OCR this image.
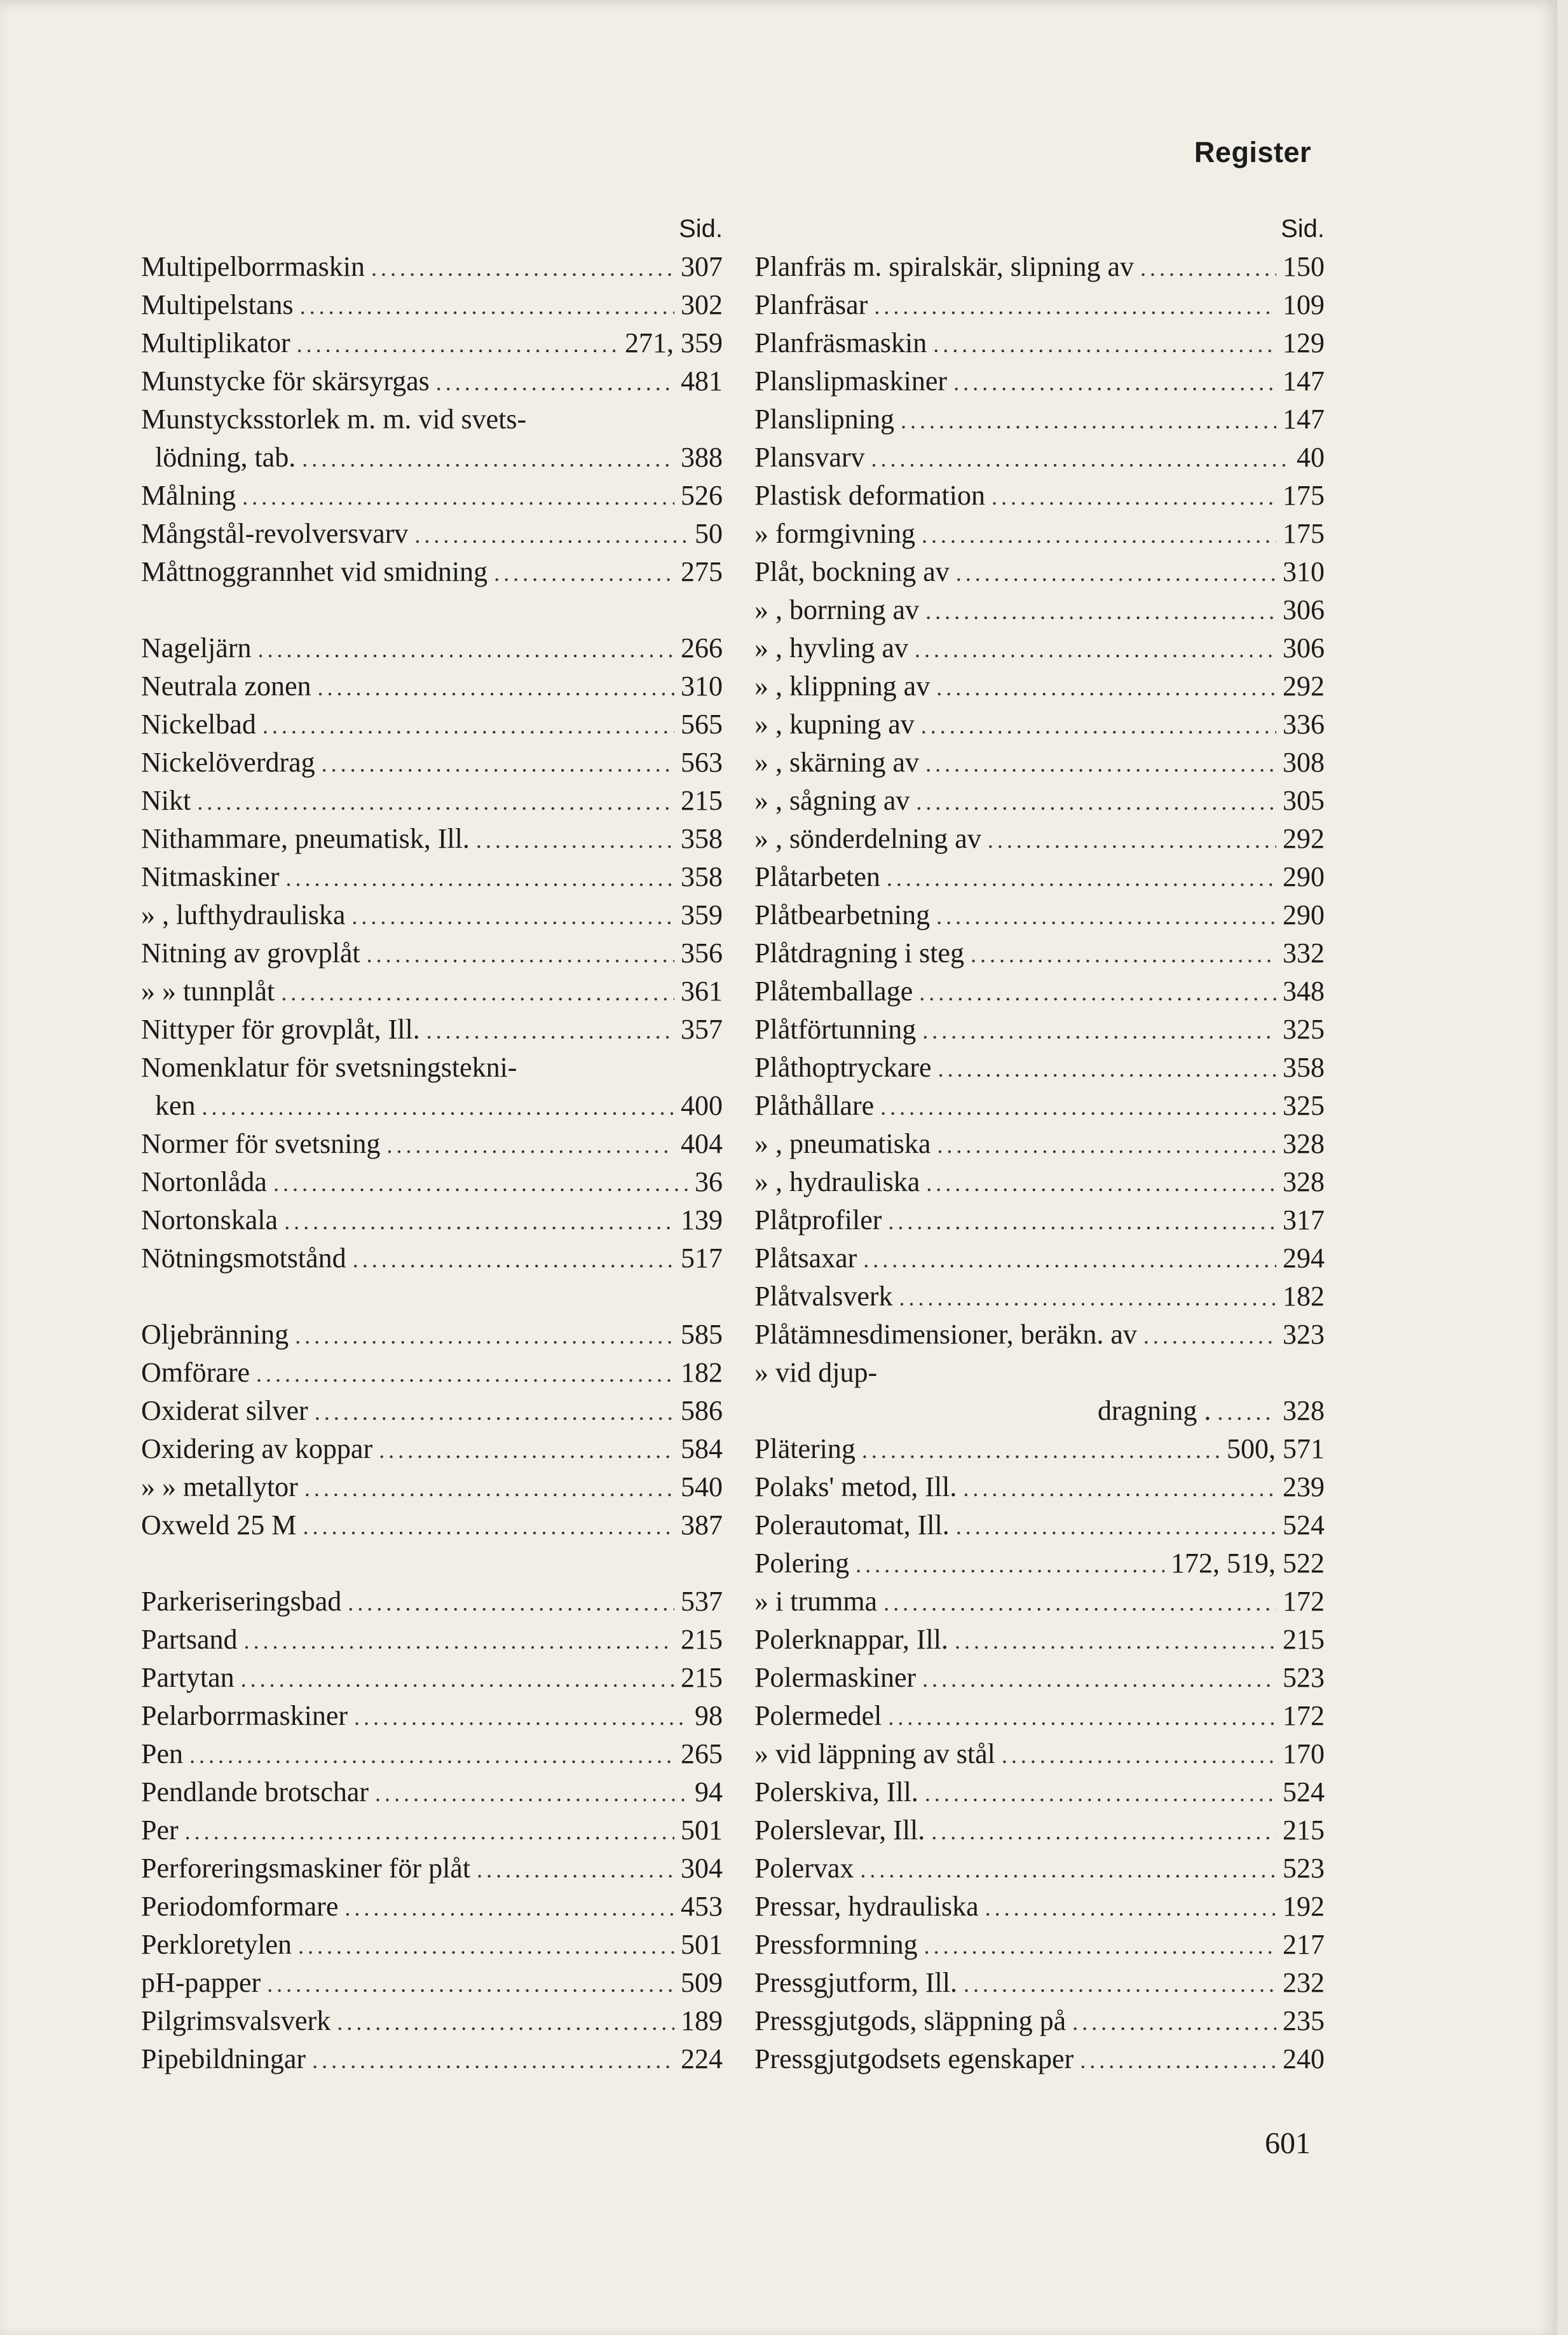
Register
Sid.
Multipelborrmaskin .....	307
Multipelstans .....	302
Multiplikator .....	271, 359
Munstycke för skärsyrgas .....	481
Munstycksstorlek m. m. vid svets-
lödning, tab. .....	388
Målning .....	526
Mångstål-revolversvarv .....	50
Måttnoggrannhet vid smidning .....	275
Nageljärn .....	266
Neutrala zonen .....	310
Nickelbad .....	565
Nickelöverdrag .....	563
Nikt .....	215
Nithammare, pneumatisk, Ill. .....	358
Nitmaskiner .....	358
» , lufthydrauliska .....	359
Nitning av grovplåt .....	356
» » tunnplåt .....	361
Nittyper för grovplåt, Ill. .....	357
Nomenklatur för svetsningstekni-
ken .....	400
Normer för svetsning .....	404
Nortonlåda .....	36
Nortonskala .....	139
Nötningsmotstånd .....	517
Oljebränning .....	585
Omförare .....	182
Oxiderat silver .....	586
Oxidering av koppar .....	584
» » metallytor .....	540
Oxweld 25 M .....	387
Parkeriseringsbad .....	537
Partsand .....	215
Partytan .....	215
Pelarborrmaskiner .....	98
Pen .....	265
Pendlande brotschar .....	94
Per .....	501
Perforeringsmaskiner för plåt .....	304
Periodomformare .....	453
Perkloretylen .....	501
pH-papper .....	509
Pilgrimsvalsverk .....	189
Pipebildningar .....	224
Sid.
Planfräs m. spiralskär, slipning av .....	150
Planfräsar .....	109
Planfräsmaskin .....	129
Planslipmaskiner .....	147
Planslipning .....	147
Plansvarv .....	40
Plastisk deformation .....	175
» formgivning .....	175
Plåt, bockning av .....	310
» , borrning av .....	306
» , hyvling av .....	306
» , klippning av .....	292
» , kupning av .....	336
» , skärning av .....	308
» , sågning av .....	305
» , sönderdelning av .....	292
Plåtarbeten .....	290
Plåtbearbetning .....	290
Plåtdragning i steg .....	332
Plåtemballage .....	348
Plåtförtunning .....	325
Plåthoptryckare .....	358
Plåthållare .....	325
» , pneumatiska .....	328
» , hydrauliska .....	328
Plåtprofiler .....	317
Plåtsaxar .....	294
Plåtvalsverk .....	182
Plåtämnesdimensioner, beräkn. av .....	323
» vid djup-
dragning . .....	328
Plätering .....	500, 571
Polaks' metod, Ill. .....	239
Polerautomat, Ill. .....	524
Polering .....	172, 519, 522
» i trumma .....	172
Polerknappar, Ill. .....	215
Polermaskiner .....	523
Polermedel .....	172
» vid läppning av stål .....	170
Polerskiva, Ill. .....	524
Polerslevar, Ill. .....	215
Polervax .....	523
Pressar, hydrauliska .....	192
Pressformning .....	217
Pressgjutform, Ill. .....	232
Pressgjutgods, släppning på .....	235
Pressgjutgodsets egenskaper .....	240
601
